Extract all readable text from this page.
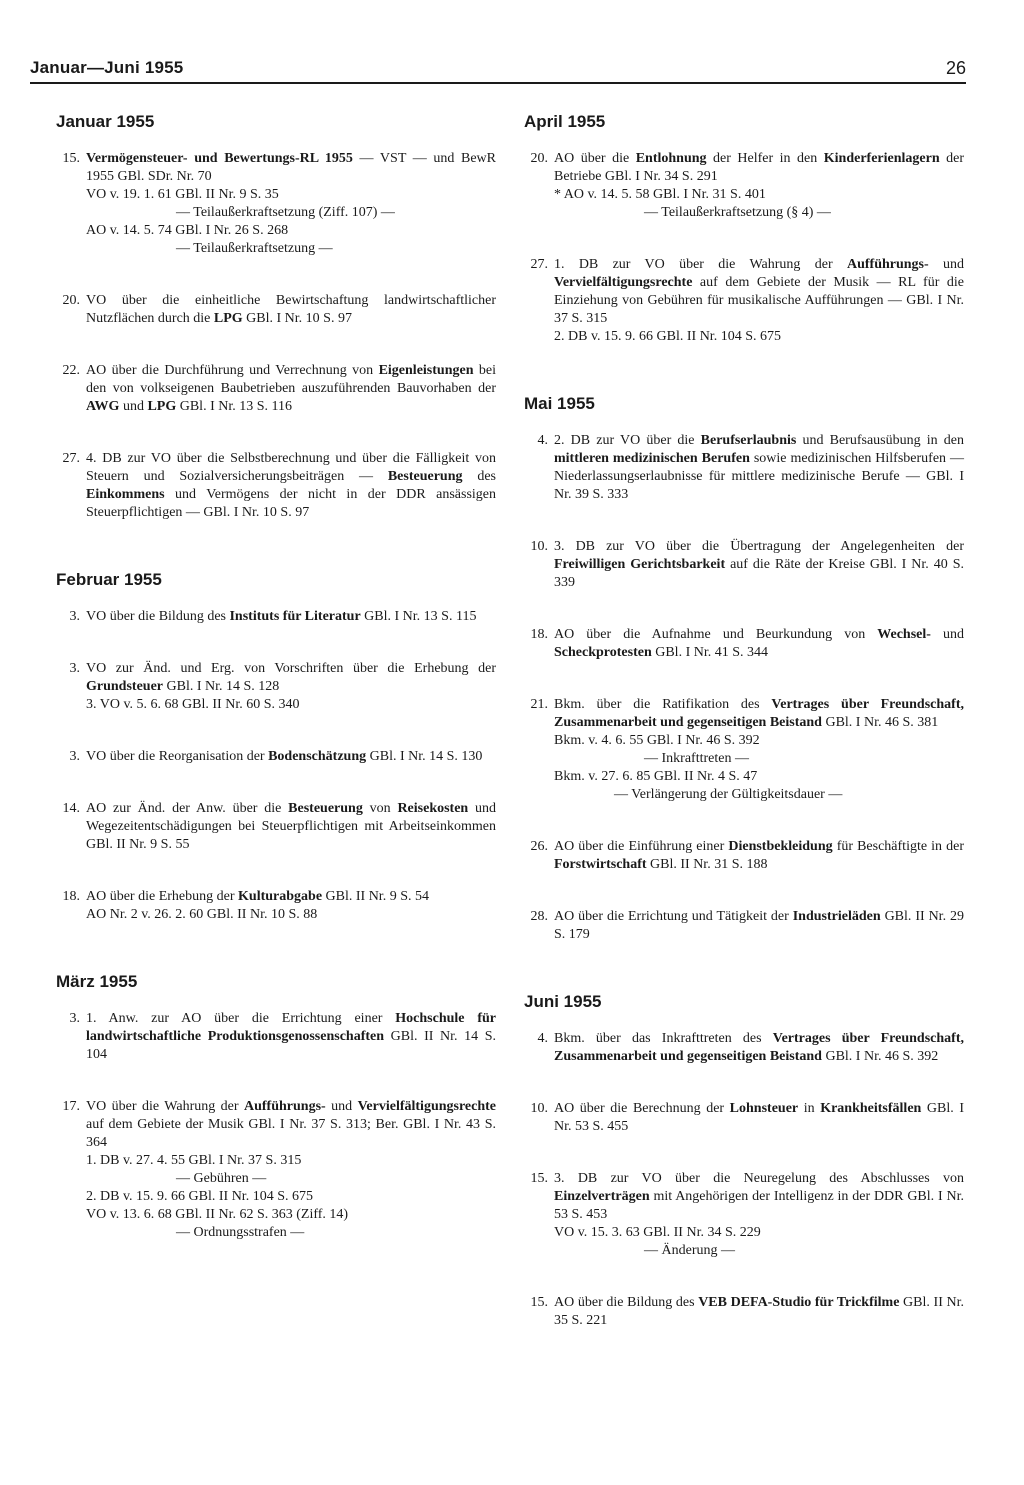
Januar—Juni 1955	26
Januar 1955
15. Vermögensteuer- und Bewertungs-RL 1955 — VST — und BewR 1955 GBl. SDr. Nr. 70
VO v. 19. 1. 61 GBl. II Nr. 9 S. 35
— Teilaußerkraftsetzung (Ziff. 107) —
AO v. 14. 5. 74 GBl. I Nr. 26 S. 268
— Teilaußerkraftsetzung —
20. VO über die einheitliche Bewirtschaftung landwirtschaftlicher Nutzflächen durch die LPG GBl. I Nr. 10 S. 97
22. AO über die Durchführung und Verrechnung von Eigenleistungen bei den von volkseigenen Baubetrieben auszuführenden Bauvorhaben der AWG und LPG GBl. I Nr. 13 S. 116
27. 4. DB zur VO über die Selbstberechnung und über die Fälligkeit von Steuern und Sozialversicherungsbeiträgen — Besteuerung des Einkommens und Vermögens der nicht in der DDR ansässigen Steuerpflichtigen — GBl. I Nr. 10 S. 97
Februar 1955
3. VO über die Bildung des Instituts für Literatur GBl. I Nr. 13 S. 115
3. VO zur Änd. und Erg. von Vorschriften über die Erhebung der Grundsteuer GBl. I Nr. 14 S. 128
3. VO v. 5. 6. 68 GBl. II Nr. 60 S. 340
3. VO über die Reorganisation der Bodenschätzung GBl. I Nr. 14 S. 130
14. AO zur Änd. der Anw. über die Besteuerung von Reisekosten und Wegezeitentschädigungen bei Steuerpflichtigen mit Arbeitseinkommen GBl. II Nr. 9 S. 55
18. AO über die Erhebung der Kulturabgabe GBl. II Nr. 9 S. 54
AO Nr. 2 v. 26. 2. 60 GBl. II Nr. 10 S. 88
März 1955
3. 1. Anw. zur AO über die Errichtung einer Hochschule für landwirtschaftliche Produktionsgenossenschaften GBl. II Nr. 14 S. 104
17. VO über die Wahrung der Aufführungs- und Vervielfältigungsrechte auf dem Gebiete der Musik GBl. I Nr. 37 S. 313; Ber. GBl. I Nr. 43 S. 364
1. DB v. 27. 4. 55 GBl. I Nr. 37 S. 315
— Gebühren —
2. DB v. 15. 9. 66 GBl. II Nr. 104 S. 675
VO v. 13. 6. 68 GBl. II Nr. 62 S. 363 (Ziff. 14)
— Ordnungsstrafen —
April 1955
20. AO über die Entlohnung der Helfer in den Kinderferienlagern der Betriebe GBl. I Nr. 34 S. 291
* AO v. 14. 5. 58 GBl. I Nr. 31 S. 401
— Teilaußerkraftsetzung (§ 4) —
27. 1. DB zur VO über die Wahrung der Aufführungs- und Vervielfältigungsrechte auf dem Gebiete der Musik — RL für die Einziehung von Gebühren für musikalische Aufführungen — GBl. I Nr. 37 S. 315
2. DB v. 15. 9. 66 GBl. II Nr. 104 S. 675
Mai 1955
4. 2. DB zur VO über die Berufserlaubnis und Berufsausübung in den mittleren medizinischen Berufen sowie medizinischen Hilfsberufen — Niederlassungserlaubnisse für mittlere medizinische Berufe — GBl. I Nr. 39 S. 333
10. 3. DB zur VO über die Übertragung der Angelegenheiten der Freiwilligen Gerichtsbarkeit auf die Räte der Kreise GBl. I Nr. 40 S. 339
18. AO über die Aufnahme und Beurkundung von Wechsel- und Scheckprotesten GBl. I Nr. 41 S. 344
21. Bkm. über die Ratifikation des Vertrages über Freundschaft, Zusammenarbeit und gegenseitigen Beistand GBl. I Nr. 46 S. 381
Bkm. v. 4. 6. 55 GBl. I Nr. 46 S. 392
— Inkrafttreten —
Bkm. v. 27. 6. 85 GBl. II Nr. 4 S. 47
— Verlängerung der Gültigkeitsdauer —
26. AO über die Einführung einer Dienstbekleidung für Beschäftigte in der Forstwirtschaft GBl. II Nr. 31 S. 188
28. AO über die Errichtung und Tätigkeit der Industrieläden GBl. II Nr. 29 S. 179
Juni 1955
4. Bkm. über das Inkrafttreten des Vertrages über Freundschaft, Zusammenarbeit und gegenseitigen Beistand GBl. I Nr. 46 S. 392
10. AO über die Berechnung der Lohnsteuer in Krankheitsfällen GBl. I Nr. 53 S. 455
15. 3. DB zur VO über die Neuregelung des Abschlusses von Einzelverträgen mit Angehörigen der Intelligenz in der DDR GBl. I Nr. 53 S. 453
VO v. 15. 3. 63 GBl. II Nr. 34 S. 229
— Änderung —
15. AO über die Bildung des VEB DEFA-Studio für Trickfilme GBl. II Nr. 35 S. 221
